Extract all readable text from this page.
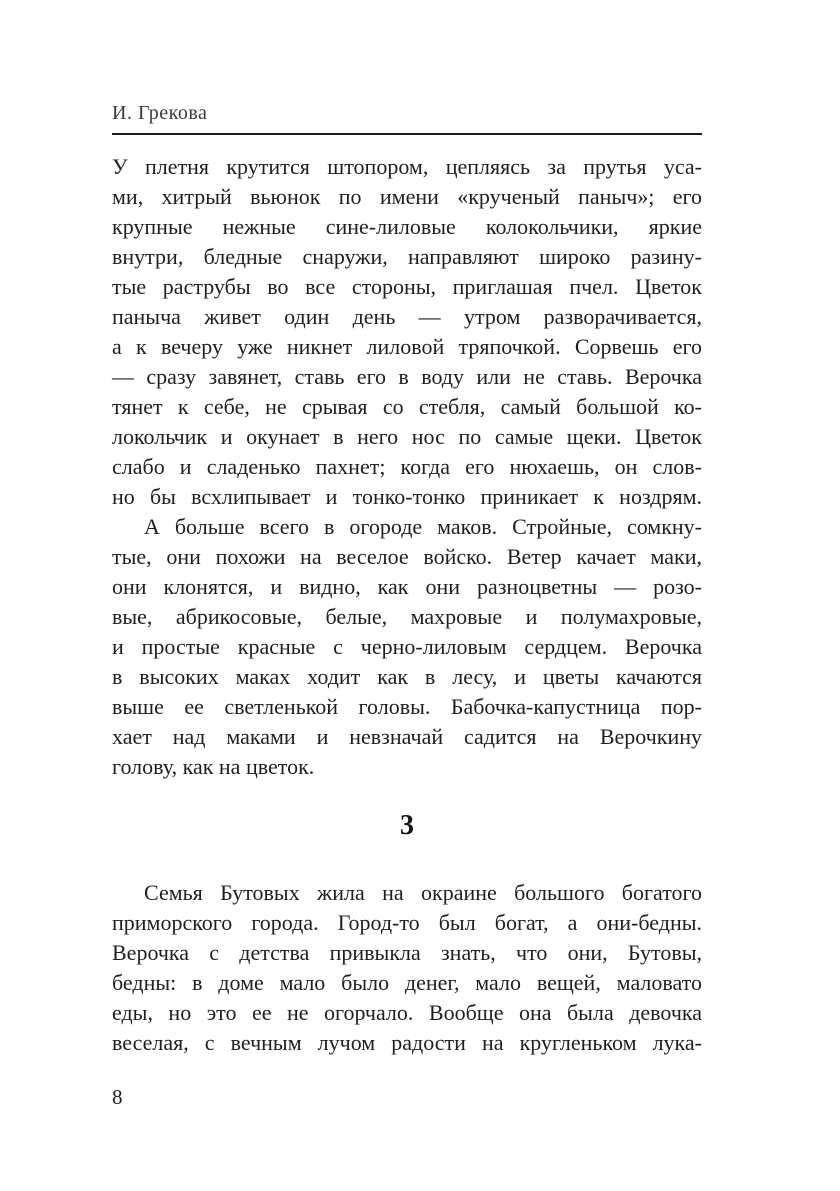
И. Грекова
У плетня крутится штопором, цепляясь за прутья уса-
ми, хитрый вьюнок по имени «крученый паныч»; его
крупные нежные сине-лиловые колокольчики, яркие
внутри, бледные снаружи, направляют широко разину-
тые раструбы во все стороны, приглашая пчел. Цветок
паныча живет один день — утром разворачивается,
а к вечеру уже никнет лиловой тряпочкой. Сорвешь его
— сразу завянет, ставь его в воду или не ставь. Верочка
тянет к себе, не срывая со стебля, самый большой ко-
локольчик и окунает в него нос по самые щеки. Цветок
слабо и сладенько пахнет; когда его нюхаешь, он слов-
но бы всхлипывает и тонко-тонко приникает к ноздрям.
А больше всего в огороде маков. Стройные, сомкну-
тые, они похожи на веселое войско. Ветер качает маки,
они клонятся, и видно, как они разноцветны — розо-
вые, абрикосовые, белые, махровые и полумахровые,
и простые красные с черно-лиловым сердцем. Верочка
в высоких маках ходит как в лесу, и цветы качаются
выше ее светленькой головы. Бабочка-капустница пор-
хает над маками и невзначай садится на Верочкину
голову, как на цветок.
3
Семья Бутовых жила на окраине большого богатого
приморского города. Город-то был богат, а они-бедны.
Верочка с детства привыкла знать, что они, Бутовы,
бедны: в доме мало было денег, мало вещей, маловато
еды, но это ее не огорчало. Вообще она была девочка
веселая, с вечным лучом радости на кругленьком лука-
8
